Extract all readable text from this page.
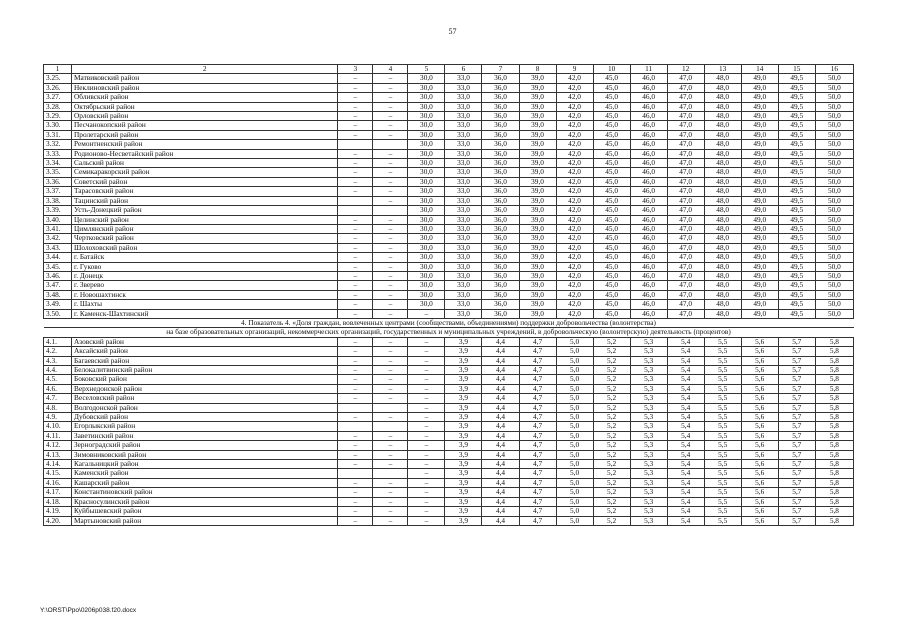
57
1	2	3	4	5	6	7	8	9	10	11	12	13	14	15	16
3.25.	Матвиковский район	–	–	30,0	33,0	36,0	39,0	42,0	45,0	46,0	47,0	48,0	49,0	49,5	50,0
3.26.	Неклиновский район	–	–	30,0	33,0	36,0	39,0	42,0	45,0	46,0	47,0	48,0	49,0	49,5	50,0
3.27.	Обливский район	–	–	30,0	33,0	36,0	39,0	42,0	45,0	46,0	47,0	48,0	49,0	49,5	50,0
3.28.	Октябрьский район	–	–	30,0	33,0	36,0	39,0	42,0	45,0	46,0	47,0	48,0	49,0	49,5	50,0
3.29.	Орловский район	–	–	30,0	33,0	36,0	39,0	42,0	45,0	46,0	47,0	48,0	49,0	49,5	50,0
3.30.	Песчанокопский район	–	–	30,0	33,0	36,0	39,0	42,0	45,0	46,0	47,0	48,0	49,0	49,5	50,0
3.31.	Пролетарский район	–	–	30,0	33,0	36,0	39,0	42,0	45,0	46,0	47,0	48,0	49,0	49,5	50,0
3.32.	Ремонтненский район			30,0	33,0	36,0	39,0	42,0	45,0	46,0	47,0	48,0	49,0	49,5	50,0
3.33.	Родионово-Несветайский район	–	–	30,0	33,0	36,0	39,0	42,0	45,0	46,0	47,0	48,0	49,0	49,5	50,0
3.34.	Сальский район	–	–	30,0	33,0	36,0	39,0	42,0	45,0	46,0	47,0	48,0	49,0	49,5	50,0
3.35.	Семикаракорский район	–	–	30,0	33,0	36,0	39,0	42,0	45,0	46,0	47,0	48,0	49,0	49,5	50,0
3.36.	Советский район	–	–	30,0	33,0	36,0	39,0	42,0	45,0	46,0	47,0	48,0	49,0	49,5	50,0
3.37.	Тарасовский район	–	–	30,0	33,0	36,0	39,0	42,0	45,0	46,0	47,0	48,0	49,0	49,5	50,0
3.38.	Тацинский район		–	30,0	33,0	36,0	39,0	42,0	45,0	46,0	47,0	48,0	49,0	49,5	50,0
3.39.	Усть-Донецкий район			30,0	33,0	36,0	39,0	42,0	45,0	46,0	47,0	48,0	49,0	49,5	50,0
3.40.	Целинский район	–	–	30,0	33,0	36,0	39,0	42,0	45,0	46,0	47,0	48,0	49,0	49,5	50,0
3.41.	Цимлянский район	–	–	30,0	33,0	36,0	39,0	42,0	45,0	46,0	47,0	48,0	49,0	49,5	50,0
3.42.	Чертковский район	–	–	30,0	33,0	36,0	39,0	42,0	45,0	46,0	47,0	48,0	49,0	49,5	50,0
3.43.	Шолоховский район	–	–	30,0	33,0	36,0	39,0	42,0	45,0	46,0	47,0	48,0	49,0	49,5	50,0
3.44.	г. Батайск	–	–	30,0	33,0	36,0	39,0	42,0	45,0	46,0	47,0	48,0	49,0	49,5	50,0
3.45.	г. Гуково	–	–	30,0	33,0	36,0	39,0	42,0	45,0	46,0	47,0	48,0	49,0	49,5	50,0
3.46.	г. Донецк	–	–	30,0	33,0	36,0	39,0	42,0	45,0	46,0	47,0	48,0	49,0	49,5	50,0
3.47.	г. Зверево	–	–	30,0	33,0	36,0	39,0	42,0	45,0	46,0	47,0	48,0	49,0	49,5	50,0
3.48.	г. Новошахтинск	–	–	30,0	33,0	36,0	39,0	42,0	45,0	46,0	47,0	48,0	49,0	49,5	50,0
3.49.	г. Шахты	–	–	30,0	33,0	36,0	39,0	42,0	45,0	46,0	47,0	48,0	49,0	49,5	50,0
3.50.	г. Каменск-Шахтинский	–	–	–	33,0	36,0	39,0	42,0	45,0	46,0	47,0	48,0	49,0	49,5	50,0
4. Показатель 4. «Доля граждан, вовлеченных центрами (сообществами, объединениями) поддержки добровольчества (волонтерства)															
на базе образовательных организаций, некоммерческих организаций, государственных и муниципальных учреждений, в добровольческую (волонтерскую) деятельность (процентов)															
4.1.	Азовский район	–	–	–	3,9	4,4	4,7	5,0	5,2	5,3	5,4	5,5	5,6	5,7	5,8
4.2.	Аксайский район	–	–	–	3,9	4,4	4,7	5,0	5,2	5,3	5,4	5,5	5,6	5,7	5,8
4.3.	Багаевский район	–	–	–	3,9	4,4	4,7	5,0	5,2	5,3	5,4	5,5	5,6	5,7	5,8
4.4.	Белокалитвинский район	–	–	–	3,9	4,4	4,7	5,0	5,2	5,3	5,4	5,5	5,6	5,7	5,8
4.5.	Боковский район	–	–	–	3,9	4,4	4,7	5,0	5,2	5,3	5,4	5,5	5,6	5,7	5,8
4.6.	Верхнедонской район	–	–	–	3,9	4,4	4,7	5,0	5,2	5,3	5,4	5,5	5,6	5,7	5,8
4.7.	Веселовский район	–	–	–	3,9	4,4	4,7	5,0	5,2	5,3	5,4	5,5	5,6	5,7	5,8
4.8.	Волгодонской район			–	3,9	4,4	4,7	5,0	5,2	5,3	5,4	5,5	5,6	5,7	5,8
4.9.	Дубовский район	–	–	–	3,9	4,4	4,7	5,0	5,2	5,3	5,4	5,5	5,6	5,7	5,8
4.10.	Егорлыкский район			–	3,9	4,4	4,7	5,0	5,2	5,3	5,4	5,5	5,6	5,7	5,8
4.11.	Заветинский район	–	–	–	3,9	4,4	4,7	5,0	5,2	5,3	5,4	5,5	5,6	5,7	5,8
4.12.	Зерноградский район	–	–	–	3,9	4,4	4,7	5,0	5,2	5,3	5,4	5,5	5,6	5,7	5,8
4.13.	Зимовниковский район	–	–	–	3,9	4,4	4,7	5,0	5,2	5,3	5,4	5,5	5,6	5,7	5,8
4.14.	Кагальницкий район	–	–	–	3,9	4,4	4,7	5,0	5,2	5,3	5,4	5,5	5,6	5,7	5,8
4.15.	Каменский район			–	3,9	4,4	4,7	5,0	5,2	5,3	5,4	5,5	5,6	5,7	5,8
4.16.	Кашарский район	–	–	–	3,9	4,4	4,7	5,0	5,2	5,3	5,4	5,5	5,6	5,7	5,8
4.17.	Константиновский район	–	–	–	3,9	4,4	4,7	5,0	5,2	5,3	5,4	5,5	5,6	5,7	5,8
4.18.	Красносулинский район	–	–	–	3,9	4,4	4,7	5,0	5,2	5,3	5,4	5,5	5,6	5,7	5,8
4.19.	Куйбышевский район	–	–	–	3,9	4,4	4,7	5,0	5,2	5,3	5,4	5,5	5,6	5,7	5,8
4.20.	Мартыновский район	–	–	–	3,9	4,4	4,7	5,0	5,2	5,3	5,4	5,5	5,6	5,7	5,8
Y:\ORST\Ppo\0206p038.f20.docx
